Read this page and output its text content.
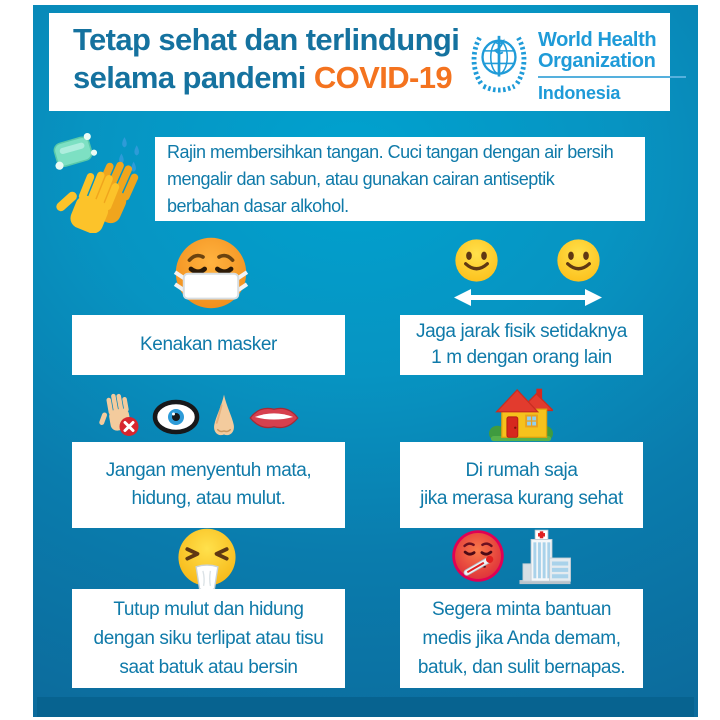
Tetap sehat dan terlindungi
selama pandemi COVID-19
World Health
Organization
Indonesia
Rajin membersihkan tangan. Cuci tangan dengan air bersih
mengalir dan sabun, atau gunakan cairan antiseptik
berbahan dasar alkohol.
Kenakan masker
Jaga jarak fisik setidaknya
1 m dengan orang lain
Jangan menyentuh mata,
hidung, atau mulut.
Di rumah saja
jika merasa kurang sehat
Tutup mulut dan hidung
dengan siku terlipat atau tisu
saat batuk atau bersin
Segera minta bantuan
medis jika Anda demam,
batuk, dan sulit bernapas.
